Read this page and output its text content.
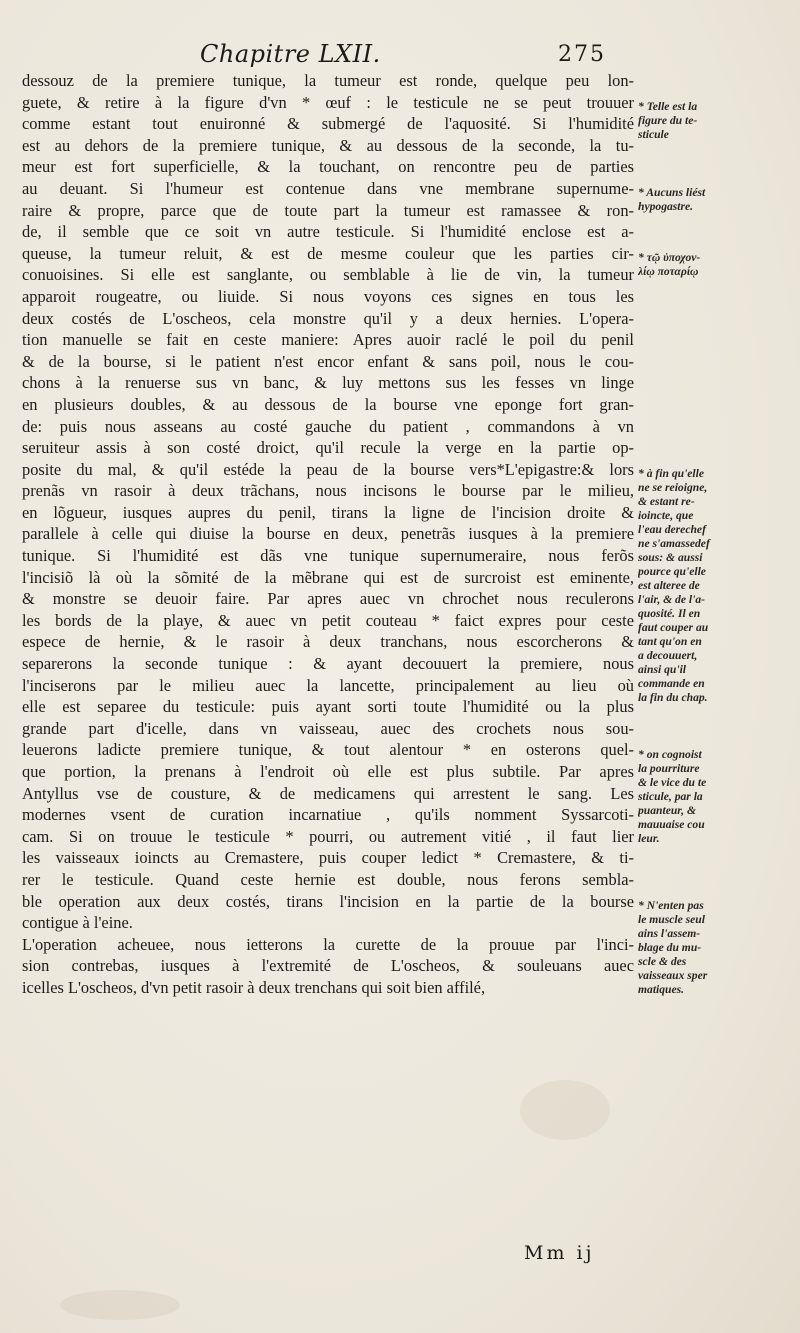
Chapitre LXII.	275
dessouz de la premiere tunique, la tumeur est ronde, quelque peu lon-
guete, & retire à la figure d'vn * œuf : le testicule ne se peut trouuer
comme estant tout enuironné & submergé de l'aquosité. Si l'humidité
est au dehors de la premiere tunique, & au dessous de la seconde, la tu-
meur est fort superficielle, & la touchant, on rencontre peu de parties
au deuant. Si l'humeur est contenue dans vne membrane supernume-
raire & propre, parce que de toute part la tumeur est ramassee & ron-
de, il semble que ce soit vn autre testicule. Si l'humidité enclose est a-
queuse, la tumeur reluit, & est de mesme couleur que les parties cir-
conuoisines. Si elle est sanglante, ou semblable à lie de vin, la tumeur
apparoit rougeatre, ou liuide. Si nous voyons ces signes en tous les
deux costés de L'oscheos, cela monstre qu'il y a deux hernies. L'opera-
tion manuelle se fait en ceste maniere: Apres auoir raclé le poil du penil
& de la bourse, si le patient n'est encor enfant & sans poil, nous le cou-
chons à la renuerse sus vn banc, & luy mettons sus les fesses vn linge
en plusieurs doubles, & au dessous de la bourse vne eponge fort gran-
de: puis nous asseans au costé gauche du patient , commandons à vn
seruiteur assis à son costé droict, qu'il recule la verge en la partie op-
posite du mal, & qu'il estéde la peau de la bourse vers*L'epigastre:& lors
prenãs vn rasoir à deux trãchans, nous incisons le bourse par le milieu,
en lõgueur, iusques aupres du penil, tirans la ligne de l'incision droite &
parallele à celle qui diuise la bourse en deux, penetrãs iusques à la premiere
tunique. Si l'humidité est dãs vne tunique supernumeraire, nous ferõs
l'incisiõ là où la sõmité de la mẽbrane qui est de surcroist est eminente,
& monstre se deuoir faire. Par apres auec vn chrochet nous reculerons
les bords de la playe, & auec vn petit couteau * faict expres pour ceste
espece de hernie, & le rasoir à deux tranchans, nous escorcherons &
separerons la seconde tunique : & ayant decouuert la premiere, nous
l'inciserons par le milieu auec la lancette, principalement au lieu où
elle est separee du testicule: puis ayant sorti toute l'humidité ou la plus
grande part d'icelle, dans vn vaisseau, auec des crochets nous sou-
leuerons ladicte premiere tunique, & tout alentour * en osterons quel-
que portion, la prenans à l'endroit où elle est plus subtile. Par apres
Antyllus vse de cousture, & de medicamens qui arrestent le sang. Les
modernes vsent de curation incarnatiue , qu'ils nomment Syssarcoti-
cam. Si on trouue le testicule * pourri, ou autrement vitié , il faut lier
les vaisseaux ioincts au Cremastere, puis couper ledict * Cremastere, & ti-
rer le testicule. Quand ceste hernie est double, nous ferons sembla-
ble operation aux deux costés, tirans l'incision en la partie de la bourse
contigue à l'eine.
L'operation acheuee, nous ietterons la curette de la prouue par l'inci-
sion contrebas, iusques à l'extremité de L'oscheos, & souleuans auec
icelles L'oscheos, d'vn petit rasoir à deux trenchans qui soit bien affilé,
* Telle est la
figure du te-
sticule
* Aucuns liést
hypogastre.
* τῷ ὑποχον-
λίῳ ποταρίῳ
* à fin qu'elle
ne se reioigne,
& estant re-
ioincte, que
l'eau derechef
ne s'amassedef
sous: & aussi
pource qu'elle
est alteree de
l'air, & de l'a-
quosité. Il en
faut couper au
tant qu'on en
a decouuert,
ainsi qu'il
commande en
la fin du chap.
* on cognoist
la pourriture
& le vice du te
sticule, par la
puanteur, &
mauuaise cou
leur.
* N'enten pas
le muscle seul
ains l'assem-
blage du mu-
scle & des
vaisseaux sper
matiques.
Mm ij
